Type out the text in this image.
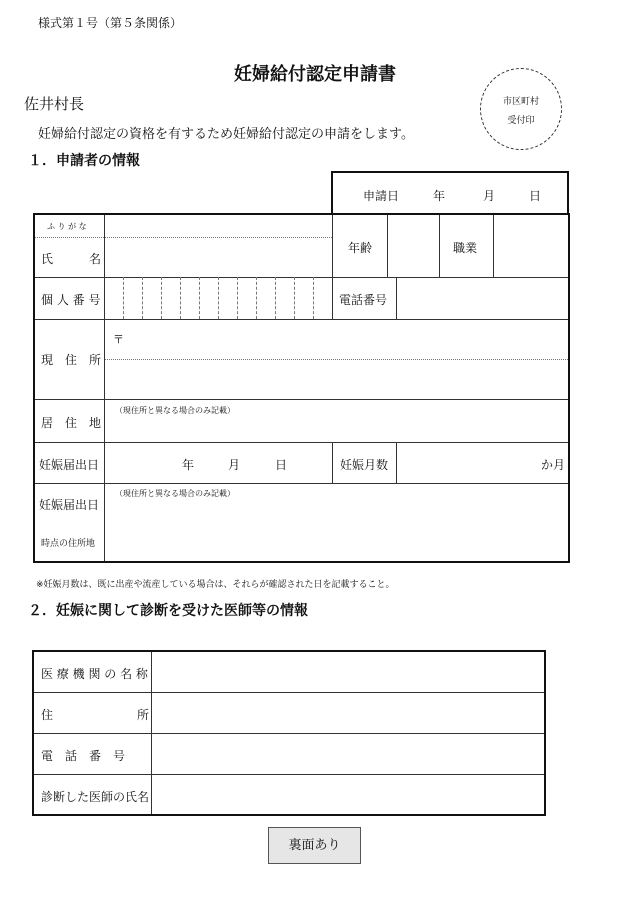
様式第１号（第５条関係）
妊婦給付認定申請書
佐井村長	市区町村
受付印
妊婦給付認定の資格を有するため妊婦給付認定の申請をします。
１．申請者の情報
申請日	年	月	日
ふ り が な
氏　　　名
年齢	職業
個 人 番 号	電話番号
現　住　所
〒
居　住　地
（現住所と異なる場合のみ記載）
妊娠届出日	年	月	日	妊娠月数	か月
妊娠届出日
時点の住所地
（現住所と異なる場合のみ記載）
※妊娠月数は、既に出産や流産している場合は、それらが確認された日を記載すること。
２．妊娠に関して診断を受けた医師等の情報
医 療 機 関 の 名 称
住　　　　　　　所
電　話　番　号
診断した医師の氏名
裏面あり
